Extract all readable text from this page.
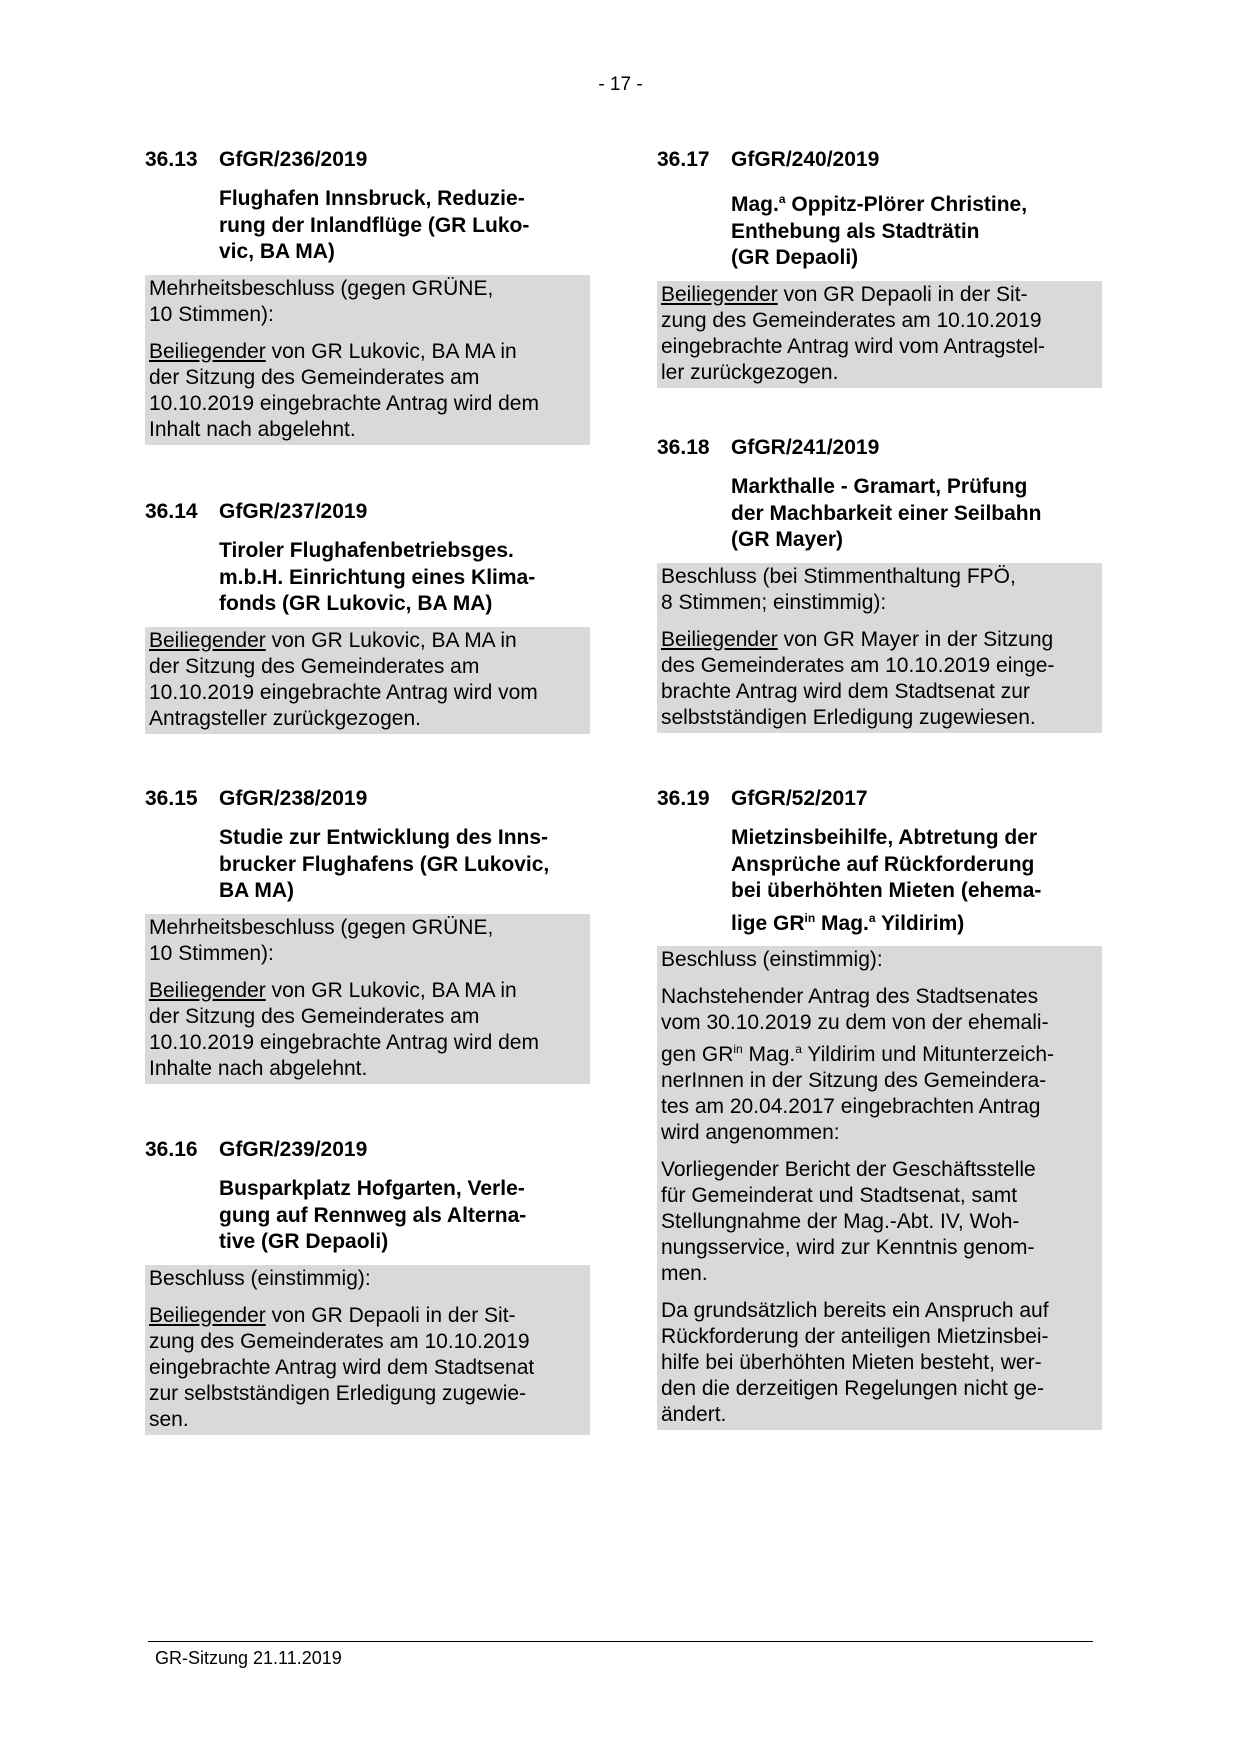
- 17 -
36.13 GfGR/236/2019
Flughafen Innsbruck, Reduzie-
rung der Inlandflüge (GR Luko-
vic, BA MA)

Mehrheitsbeschluss (gegen GRÜNE,
10 Stimmen):

Beiliegender von GR Lukovic, BA MA in
der Sitzung des Gemeinderates am
10.10.2019 eingebrachte Antrag wird dem
Inhalt nach abgelehnt.

36.14 GfGR/237/2019
Tiroler Flughafenbetriebsges.
m.b.H. Einrichtung eines Klima-
fonds (GR Lukovic, BA MA)

Beiliegender von GR Lukovic, BA MA in
der Sitzung des Gemeinderates am
10.10.2019 eingebrachte Antrag wird vom
Antragsteller zurückgezogen.

36.15 GfGR/238/2019
Studie zur Entwicklung des Inns-
brucker Flughafens (GR Lukovic,
BA MA)

Mehrheitsbeschluss (gegen GRÜNE,
10 Stimmen):

Beiliegender von GR Lukovic, BA MA in
der Sitzung des Gemeinderates am
10.10.2019 eingebrachte Antrag wird dem
Inhalte nach abgelehnt.

36.16 GfGR/239/2019
Busparkplatz Hofgarten, Verle-
gung auf Rennweg als Alterna-
tive (GR Depaoli)

Beschluss (einstimmig):

Beiliegender von GR Depaoli in der Sit-
zung des Gemeinderates am 10.10.2019
eingebrachte Antrag wird dem Stadtsenat
zur selbstständigen Erledigung zugewie-
sen.

36.17 GfGR/240/2019
Mag.$^a$ Oppitz-Plörer Christine,
Enthebung als Stadträtin
(GR Depaoli)

Beiliegender von GR Depaoli in der Sit-
zung des Gemeinderates am 10.10.2019
eingebrachte Antrag wird vom Antragstel-
ler zurückgezogen.

36.18 GfGR/241/2019
Markthalle - Gramart, Prüfung
der Machbarkeit einer Seilbahn
(GR Mayer)

Beschluss (bei Stimmenthaltung FPÖ,
8 Stimmen; einstimmig):

Beiliegender von GR Mayer in der Sitzung
des Gemeinderates am 10.10.2019 einge-
brachte Antrag wird dem Stadtsenat zur
selbstständigen Erledigung zugewiesen.

36.19 GfGR/52/2017
Mietzinsbeihilfe, Abtretung der
Ansprüche auf Rückforderung
bei überhöhten Mieten (ehema-
lige $GR^{in}$ Mag.$^a$ Yildirim)

Beschluss (einstimmig):

Nachstehender Antrag des Stadtsenates
vom 30.10.2019 zu dem von der ehemali-
gen $GR^{in}$ Mag.$^a$ Yildirim und Mitunterzeich-
nerInnen in der Sitzung des Gemeindera-
tes am 20.04.2017 eingebrachten Antrag
wird angenommen:

Vorliegender Bericht der Geschäftsstelle
für Gemeinderat und Stadtsenat, samt
Stellungnahme der Mag.-Abt. IV, Woh-
nungsservice, wird zur Kenntnis genom-
men.

Da grundsätzlich bereits ein Anspruch auf
Rückforderung der anteiligen Mietzinsbei-
hilfe bei überhöhten Mieten besteht, wer-
den die derzeitigen Regelungen nicht ge-
ändert.

GR-Sitzung 21.11.2019
